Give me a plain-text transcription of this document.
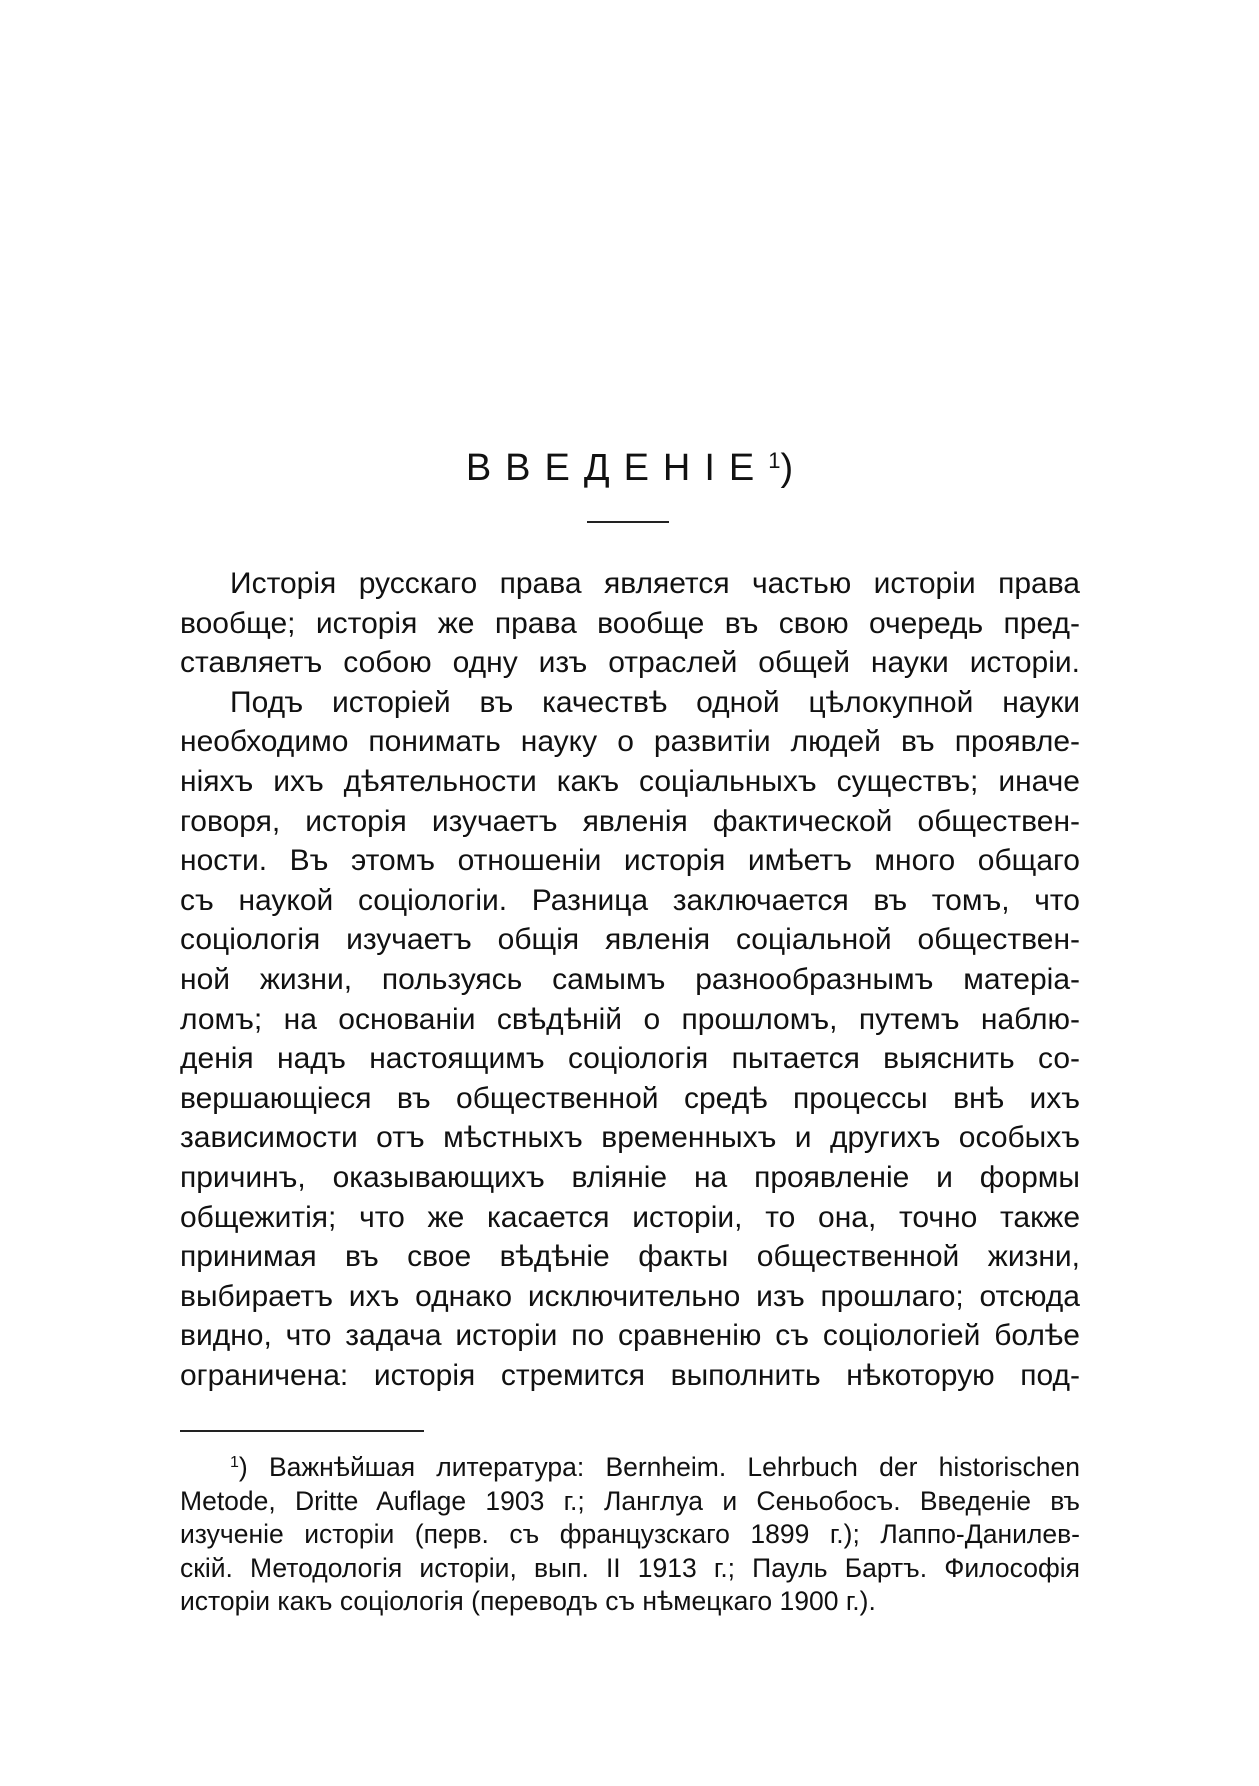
ВВЕДЕНІЕ$^1$)
Исторія русскаго права является частью исторіи права
вообще; исторія же права вообще въ свою очередь пред-
ставляетъ собою одну изъ отраслей общей науки исторіи.
Подъ исторіей въ качествѣ одной цѣлокупной науки
необходимо понимать науку о развитіи людей въ проявле-
ніяхъ ихъ дѣятельности какъ соціальныхъ существъ; иначе
говоря, исторія изучаетъ явленія фактической обществен-
ности. Въ этомъ отношеніи исторія имѣетъ много общаго
съ наукой соціологіи. Разница заключается въ томъ, что
соціологія изучаетъ общія явленія соціальной обществен-
ной жизни, пользуясь самымъ разнообразнымъ матеріа-
ломъ; на основаніи свѣдѣній о прошломъ, путемъ наблю-
денія надъ настоящимъ соціологія пытается выяснить со-
вершающіеся въ общественной средѣ процессы внѣ ихъ
зависимости отъ мѣстныхъ временныхъ и другихъ особыхъ
причинъ, оказывающихъ вліяніе на проявленіе и формы
общежитія; что же касается исторіи, то она, точно также
принимая въ свое вѣдѣніе факты общественной жизни,
выбираетъ ихъ однако исключительно изъ прошлаго; отсюда
видно, что задача исторіи по сравненію съ соціологіей болѣе
ограничена: исторія стремится выполнить нѣкоторую под-
$^1$) Важнѣйшая литература: Bernheim. Lehrbuch der historischen
Metode, Dritte Auflage 1903 г.; Ланглуа и Сеньобосъ. Введеніе въ
изученіе исторіи (перв. съ французскаго 1899 г.); Лаппо-Данилев-
скій. Методологія исторіи, вып. II 1913 г.; Пауль Бартъ. Философія
исторіи какъ соціологія (переводъ съ нѣмецкаго 1900 г.).
